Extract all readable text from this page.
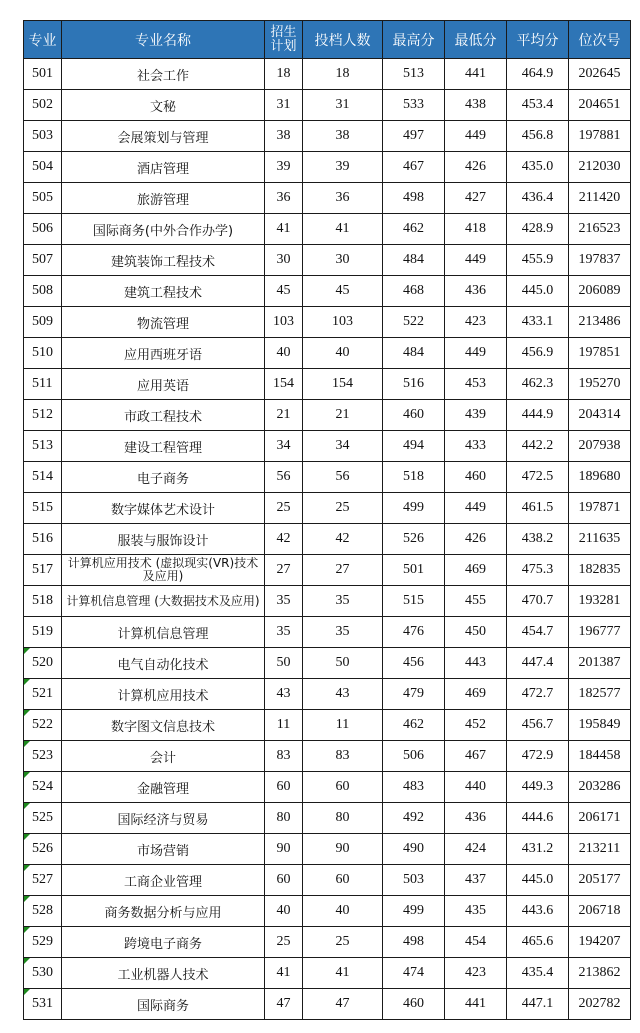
专业	专业名称	招生计划	投档人数	最高分	最低分	平均分	位次号
501	社会工作	18	18	513	441	464.9	202645
502	文秘	31	31	533	438	453.4	204651
503	会展策划与管理	38	38	497	449	456.8	197881
504	酒店管理	39	39	467	426	435.0	212030
505	旅游管理	36	36	498	427	436.4	211420
506	国际商务(中外合作办学)	41	41	462	418	428.9	216523
507	建筑装饰工程技术	30	30	484	449	455.9	197837
508	建筑工程技术	45	45	468	436	445.0	206089
509	物流管理	103	103	522	423	433.1	213486
510	应用西班牙语	40	40	484	449	456.9	197851
511	应用英语	154	154	516	453	462.3	195270
512	市政工程技术	21	21	460	439	444.9	204314
513	建设工程管理	34	34	494	433	442.2	207938
514	电子商务	56	56	518	460	472.5	189680
515	数字媒体艺术设计	25	25	499	449	461.5	197871
516	服装与服饰设计	42	42	526	426	438.2	211635
517	计算机应用技术 (虚拟现实(VR)技术及应用)	27	27	501	469	475.3	182835
518	计算机信息管理 (大数据技术及应用)	35	35	515	455	470.7	193281
519	计算机信息管理	35	35	476	450	454.7	196777
520	电气自动化技术	50	50	456	443	447.4	201387
521	计算机应用技术	43	43	479	469	472.7	182577
522	数字图文信息技术	11	11	462	452	456.7	195849
523	会计	83	83	506	467	472.9	184458
524	金融管理	60	60	483	440	449.3	203286
525	国际经济与贸易	80	80	492	436	444.6	206171
526	市场营销	90	90	490	424	431.2	213211
527	工商企业管理	60	60	503	437	445.0	205177
528	商务数据分析与应用	40	40	499	435	443.6	206718
529	跨境电子商务	25	25	498	454	465.6	194207
530	工业机器人技术	41	41	474	423	435.4	213862
531	国际商务	47	47	460	441	447.1	202782
